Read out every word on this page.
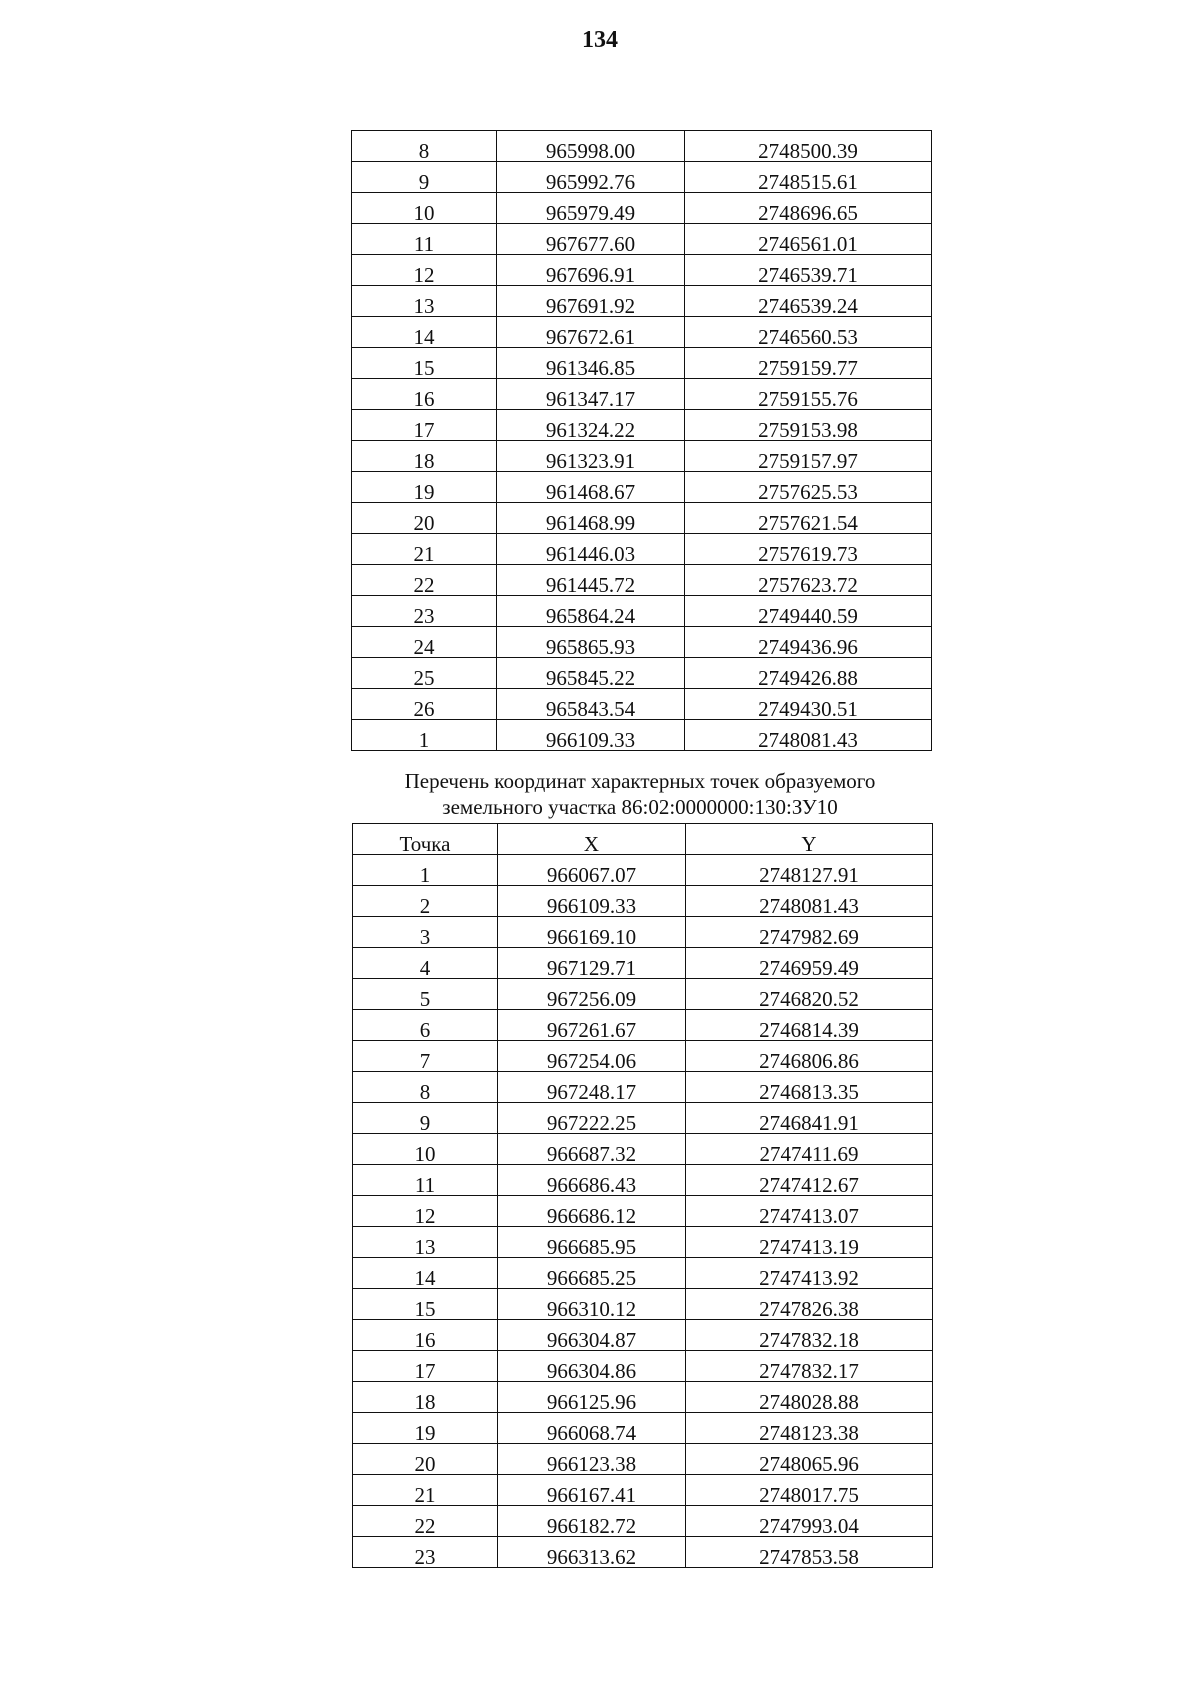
134
8	965998.00	2748500.39
9	965992.76	2748515.61
10	965979.49	2748696.65
11	967677.60	2746561.01
12	967696.91	2746539.71
13	967691.92	2746539.24
14	967672.61	2746560.53
15	961346.85	2759159.77
16	961347.17	2759155.76
17	961324.22	2759153.98
18	961323.91	2759157.97
19	961468.67	2757625.53
20	961468.99	2757621.54
21	961446.03	2757619.73
22	961445.72	2757623.72
23	965864.24	2749440.59
24	965865.93	2749436.96
25	965845.22	2749426.88
26	965843.54	2749430.51
1	966109.33	2748081.43
Перечень координат характерных точек образуемого
земельного участка 86:02:0000000:130:ЗУ10
Точка	X	Y
1	966067.07	2748127.91
2	966109.33	2748081.43
3	966169.10	2747982.69
4	967129.71	2746959.49
5	967256.09	2746820.52
6	967261.67	2746814.39
7	967254.06	2746806.86
8	967248.17	2746813.35
9	967222.25	2746841.91
10	966687.32	2747411.69
11	966686.43	2747412.67
12	966686.12	2747413.07
13	966685.95	2747413.19
14	966685.25	2747413.92
15	966310.12	2747826.38
16	966304.87	2747832.18
17	966304.86	2747832.17
18	966125.96	2748028.88
19	966068.74	2748123.38
20	966123.38	2748065.96
21	966167.41	2748017.75
22	966182.72	2747993.04
23	966313.62	2747853.58
